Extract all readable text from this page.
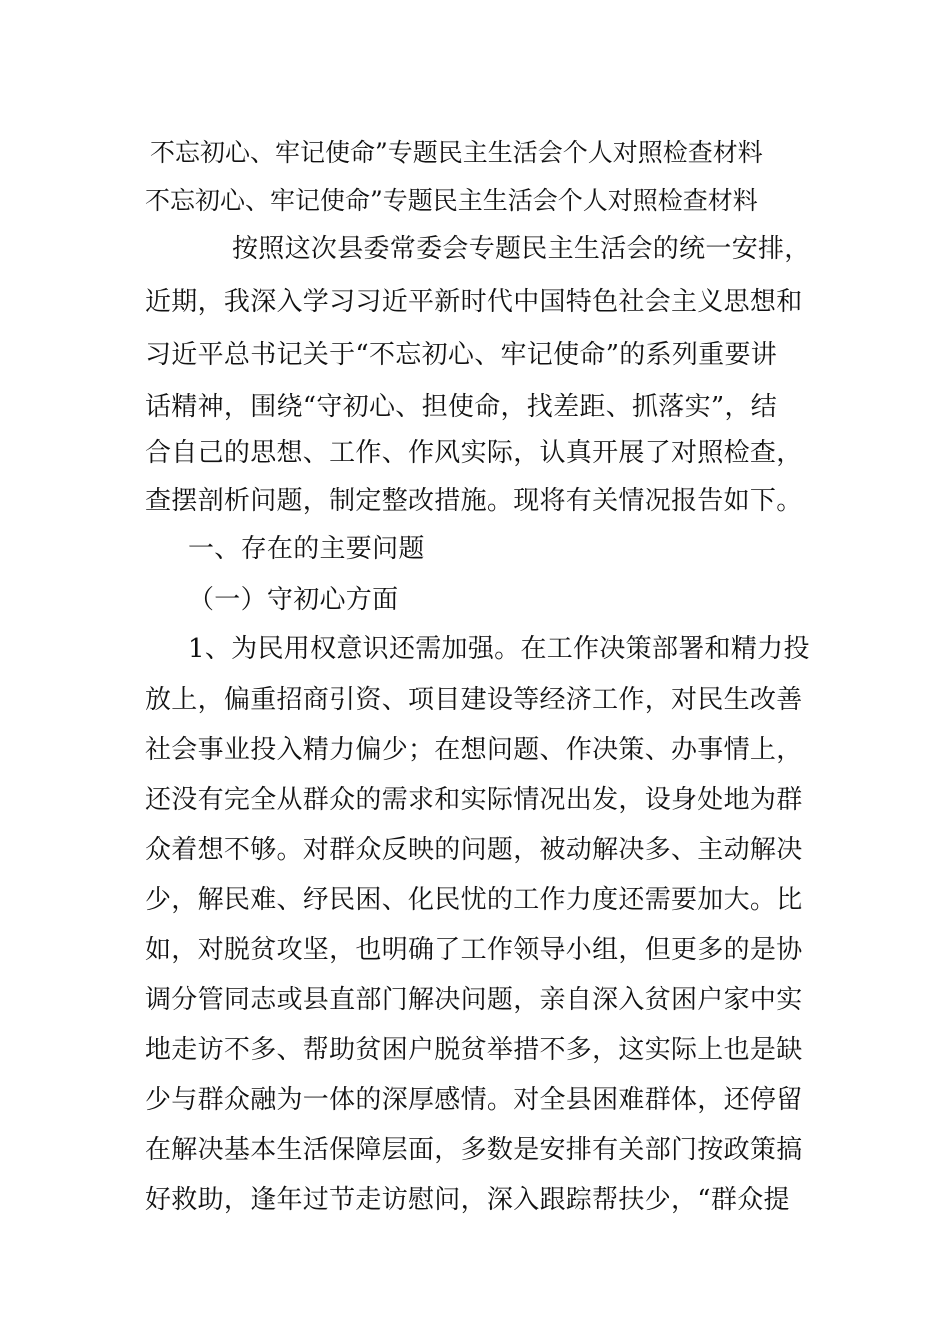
不忘初心、牢记使命”专题民主生活会个人对照检查材料
不忘初心、牢记使命”专题民主生活会个人对照检查材料
按照这次县委常委会专题民主生活会的统一安排，
近期，我深入学习习近平新时代中国特色社会主义思想和
习近平总书记关于“不忘初心、牢记使命”的系列重要讲
话精神，围绕“守初心、担使命，找差距、抓落实”，结
合自己的思想、工作、作风实际，认真开展了对照检查，
查摆剖析问题，制定整改措施。现将有关情况报告如下。
一、存在的主要问题
（一）守初心方面
1、为民用权意识还需加强。在工作决策部署和精力投
放上，偏重招商引资、项目建设等经济工作，对民生改善
社会事业投入精力偏少；在想问题、作决策、办事情上，
还没有完全从群众的需求和实际情况出发，设身处地为群
众着想不够。对群众反映的问题，被动解决多、主动解决
少，解民难、纾民困、化民忧的工作力度还需要加大。比
如，对脱贫攻坚，也明确了工作领导小组，但更多的是协
调分管同志或县直部门解决问题，亲自深入贫困户家中实
地走访不多、帮助贫困户脱贫举措不多，这实际上也是缺
少与群众融为一体的深厚感情。对全县困难群体，还停留
在解决基本生活保障层面，多数是安排有关部门按政策搞
好救助，逢年过节走访慰问，深入跟踪帮扶少，“群众提
